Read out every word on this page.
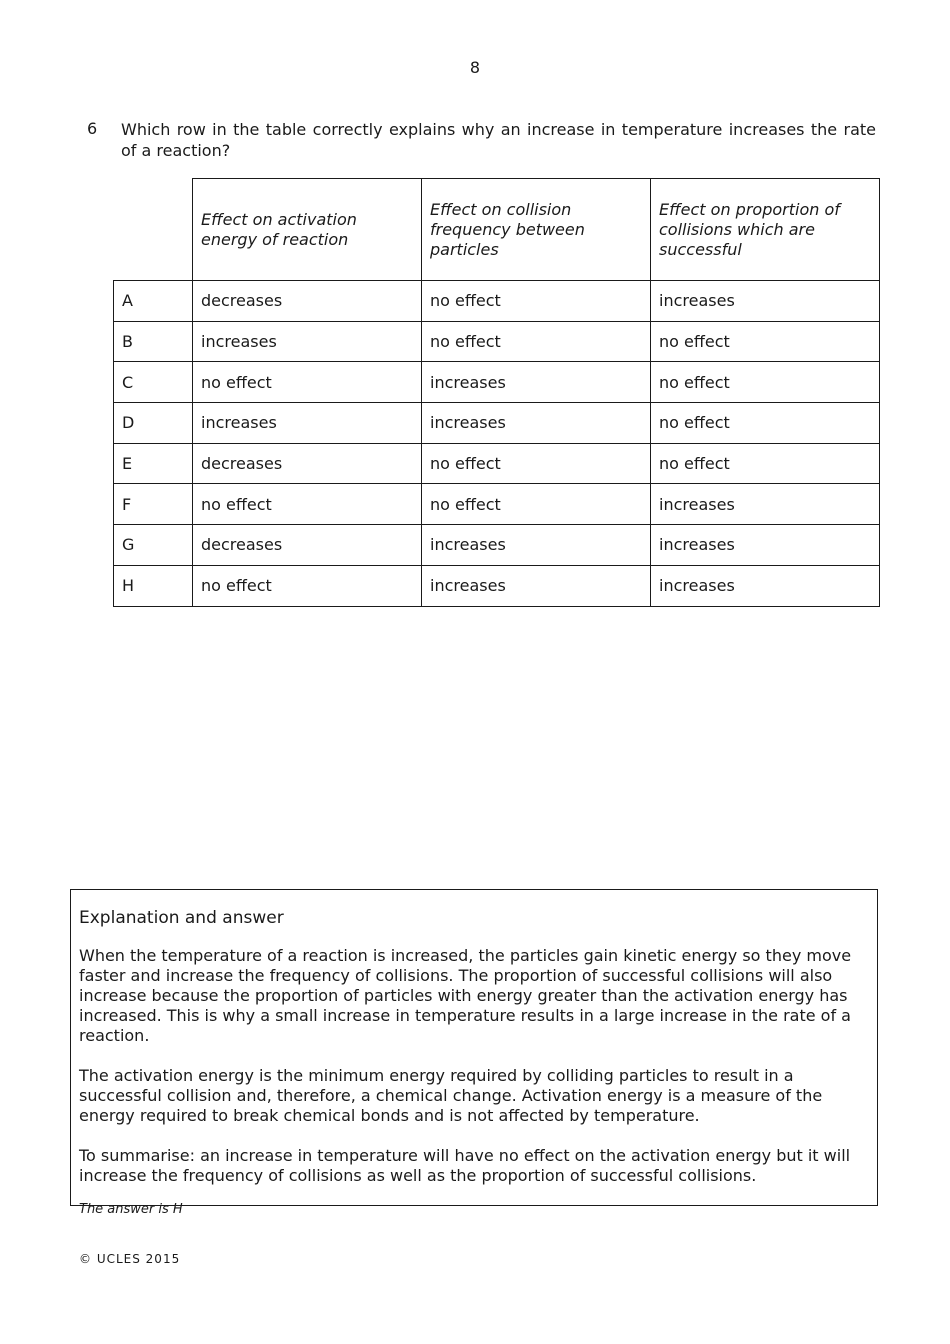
8
6 Which row in the table correctly explains why an increase in temperature increases the rate of a reaction?
	Effect on activation energy of reaction	Effect on collision frequency between particles	Effect on proportion of collisions which are successful
A	decreases	no effect	increases
B	increases	no effect	no effect
C	no effect	increases	no effect
D	increases	increases	no effect
E	decreases	no effect	no effect
F	no effect	no effect	increases
G	decreases	increases	increases
H	no effect	increases	increases
Explanation and answer

When the temperature of a reaction is increased, the particles gain kinetic energy so they move faster and increase the frequency of collisions. The proportion of successful collisions will also increase because the proportion of particles with energy greater than the activation energy has increased. This is why a small increase in temperature results in a large increase in the rate of a reaction.

The activation energy is the minimum energy required by colliding particles to result in a successful collision and, therefore, a chemical change. Activation energy is a measure of the energy required to break chemical bonds and is not affected by temperature.

To summarise: an increase in temperature will have no effect on the activation energy but it will increase the frequency of collisions as well as the proportion of successful collisions.

The answer is H

© UCLES 2015
